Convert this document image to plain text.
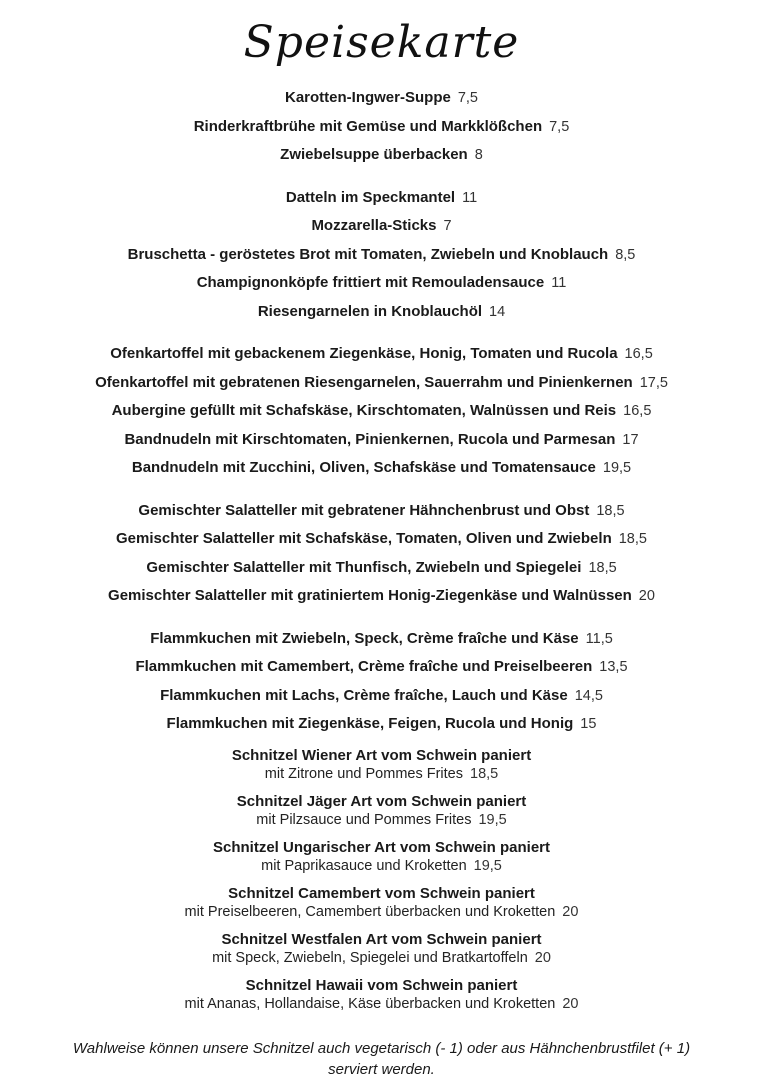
Speisekarte
Karotten-Ingwer-Suppe 7,5
Rinderkraftbrühe mit Gemüse und Markklößchen 7,5
Zwiebelsuppe überbacken 8
Datteln im Speckmantel 11
Mozzarella-Sticks 7
Bruschetta - geröstetes Brot mit Tomaten, Zwiebeln und Knoblauch 8,5
Champignonköpfe frittiert mit Remouladensauce 11
Riesengarnelen in Knoblauchöl 14
Ofenkartoffel mit gebackenem Ziegenkäse, Honig, Tomaten und Rucola 16,5
Ofenkartoffel mit gebratenen Riesengarnelen, Sauerrahm und Pinienkernen 17,5
Aubergine gefüllt mit Schafskäse, Kirschtomaten, Walnüssen und Reis 16,5
Bandnudeln mit Kirschtomaten, Pinienkernen, Rucola und Parmesan 17
Bandnudeln mit Zucchini, Oliven, Schafskäse und Tomatensauce 19,5
Gemischter Salatteller mit gebratener Hähnchenbrust und Obst 18,5
Gemischter Salatteller mit Schafskäse, Tomaten, Oliven und Zwiebeln 18,5
Gemischter Salatteller mit Thunfisch, Zwiebeln und Spiegelei 18,5
Gemischter Salatteller mit gratiniertem Honig-Ziegenkäse und Walnüssen 20
Flammkuchen mit Zwiebeln, Speck, Crème fraîche und Käse 11,5
Flammkuchen mit Camembert, Crème fraîche und Preiselbeeren 13,5
Flammkuchen mit Lachs, Crème fraîche, Lauch und Käse 14,5
Flammkuchen mit Ziegenkäse, Feigen, Rucola und Honig 15
Schnitzel Wiener Art vom Schwein paniert
mit Zitrone und Pommes Frites 18,5
Schnitzel Jäger Art vom Schwein paniert
mit Pilzsauce und Pommes Frites 19,5
Schnitzel Ungarischer Art vom Schwein paniert
mit Paprikasauce und Kroketten 19,5
Schnitzel Camembert vom Schwein paniert
mit Preiselbeeren, Camembert überbacken und Kroketten 20
Schnitzel Westfalen Art vom Schwein paniert
mit Speck, Zwiebeln, Spiegelei und Bratkartoffeln 20
Schnitzel Hawaii vom Schwein paniert
mit Ananas, Hollandaise, Käse überbacken und Kroketten 20

Wahlweise können unsere Schnitzel auch vegetarisch (- 1) oder aus Hähnchenbrustfilet (+ 1) serviert werden.
